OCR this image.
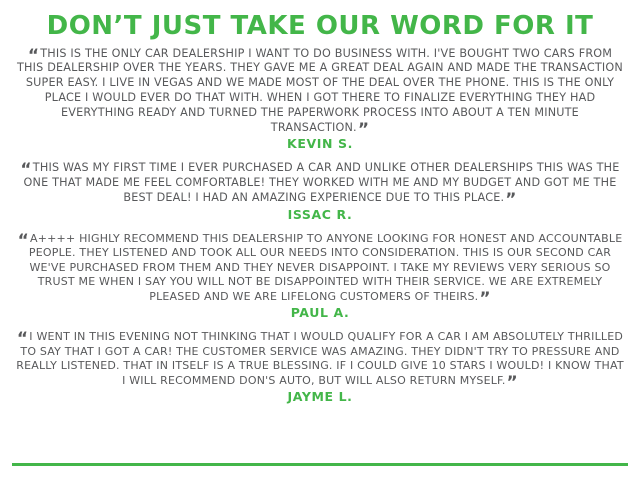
DON’T JUST TAKE OUR WORD FOR IT

“THIS IS THE ONLY CAR DEALERSHIP I WANT TO DO BUSINESS WITH. I'VE BOUGHT TWO CARS FROM THIS DEALERSHIP OVER THE YEARS. THEY GAVE ME A GREAT DEAL AGAIN AND MADE THE TRANSACTION SUPER EASY. I LIVE IN VEGAS AND WE MADE MOST OF THE DEAL OVER THE PHONE. THIS IS THE ONLY PLACE I WOULD EVER DO THAT WITH. WHEN I GOT THERE TO FINALIZE EVERYTHING THEY HAD EVERYTHING READY AND TURNED THE PAPERWORK PROCESS INTO ABOUT A TEN MINUTE TRANSACTION.”

KEVIN S.

“THIS WAS MY FIRST TIME I EVER PURCHASED A CAR AND UNLIKE OTHER DEALERSHIPS THIS WAS THE ONE THAT MADE ME FEEL COMFORTABLE! THEY WORKED WITH ME AND MY BUDGET AND GOT ME THE BEST DEAL! I HAD AN AMAZING EXPERIENCE DUE TO THIS PLACE.”

ISSAC R.

“A++++ HIGHLY RECOMMEND THIS DEALERSHIP TO ANYONE LOOKING FOR HONEST AND ACCOUNTABLE PEOPLE. THEY LISTENED AND TOOK ALL OUR NEEDS INTO CONSIDERATION. THIS IS OUR SECOND CAR WE'VE PURCHASED FROM THEM AND THEY NEVER DISAPPOINT. I TAKE MY REVIEWS VERY SERIOUS SO TRUST ME WHEN I SAY YOU WILL NOT BE DISAPPOINTED WITH THEIR SERVICE. WE ARE EXTREMELY PLEASED AND WE ARE LIFELONG CUSTOMERS OF THEIRS.”

PAUL A.

“I WENT IN THIS EVENING NOT THINKING THAT I WOULD QUALIFY FOR A CAR I AM ABSOLUTELY THRILLED TO SAY THAT I GOT A CAR! THE CUSTOMER SERVICE WAS AMAZING. THEY DIDN'T TRY TO PRESSURE AND REALLY LISTENED. THAT IN ITSELF IS A TRUE BLESSING. IF I COULD GIVE 10 STARS I WOULD! I KNOW THAT I WILL RECOMMEND DON'S AUTO, BUT WILL ALSO RETURN MYSELF.”

JAYME L.
